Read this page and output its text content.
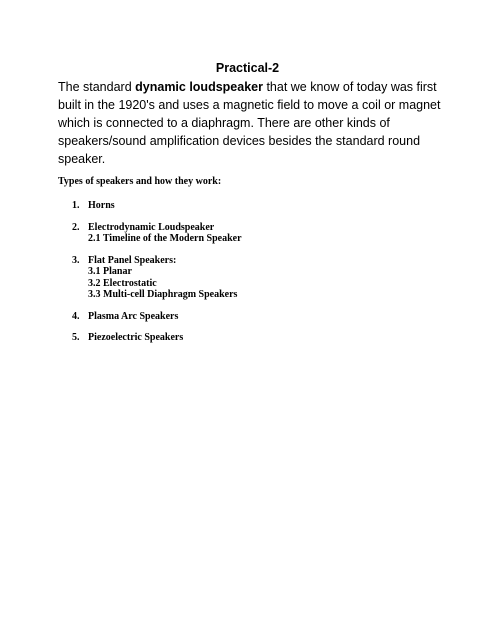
Practical-2

The standard dynamic loudspeaker that we know of today was first built in the 1920's and uses a magnetic field to move a coil or magnet which is connected to a diaphragm. There are other kinds of speakers/sound amplification devices besides the standard round speaker.

Types of speakers and how they work:

1. Horns
2. Electrodynamic Loudspeaker
2.1 Timeline of the Modern Speaker
3. Flat Panel Speakers:
3.1 Planar
3.2 Electrostatic
3.3 Multi-cell Diaphragm Speakers
4. Plasma Arc Speakers
5. Piezoelectric Speakers
